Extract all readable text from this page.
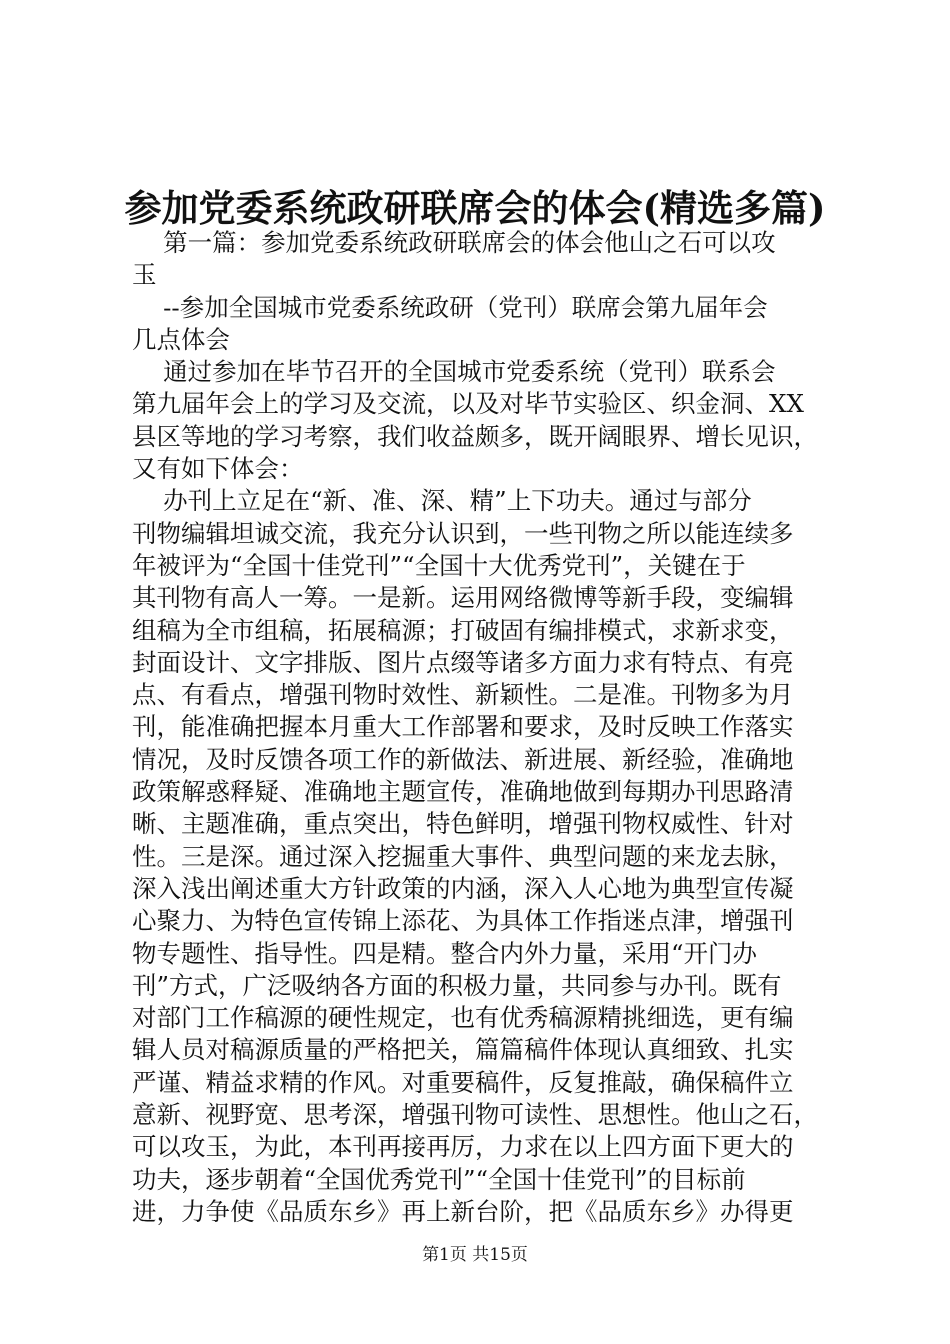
参加党委系统政研联席会的体会(精选多篇)
第一篇：参加党委系统政研联席会的体会他山之石可以攻
玉
--参加全国城市党委系统政研（党刊）联席会第九届年会
几点体会
通过参加在毕节召开的全国城市党委系统（党刊）联系会
第九届年会上的学习及交流，以及对毕节实验区、织金洞、XX
县区等地的学习考察，我们收益颇多，既开阔眼界、增长见识，
又有如下体会：
办刊上立足在“新、准、深、精”上下功夫。通过与部分
刊物编辑坦诚交流，我充分认识到，一些刊物之所以能连续多
年被评为“全国十佳党刊”“全国十大优秀党刊”，关键在于
其刊物有高人一筹。一是新。运用网络微博等新手段，变编辑
组稿为全市组稿，拓展稿源；打破固有编排模式，求新求变，
封面设计、文字排版、图片点缀等诸多方面力求有特点、有亮
点、有看点，增强刊物时效性、新颖性。二是准。刊物多为月
刊，能准确把握本月重大工作部署和要求，及时反映工作落实
情况，及时反馈各项工作的新做法、新进展、新经验，准确地
政策解惑释疑、准确地主题宣传，准确地做到每期办刊思路清
晰、主题准确，重点突出，特色鲜明，增强刊物权威性、针对
性。三是深。通过深入挖掘重大事件、典型问题的来龙去脉，
深入浅出阐述重大方针政策的内涵，深入人心地为典型宣传凝
心聚力、为特色宣传锦上添花、为具体工作指迷点津，增强刊
物专题性、指导性。四是精。整合内外力量，采用“开门办
刊”方式，广泛吸纳各方面的积极力量，共同参与办刊。既有
对部门工作稿源的硬性规定，也有优秀稿源精挑细选，更有编
辑人员对稿源质量的严格把关，篇篇稿件体现认真细致、扎实
严谨、精益求精的作风。对重要稿件，反复推敲，确保稿件立
意新、视野宽、思考深，增强刊物可读性、思想性。他山之石，
可以攻玉，为此，本刊再接再厉，力求在以上四方面下更大的
功夫，逐步朝着“全国优秀党刊”“全国十佳党刊”的目标前
进，力争使《品质东乡》再上新台阶，把《品质东乡》办得更
第1页 共15页
